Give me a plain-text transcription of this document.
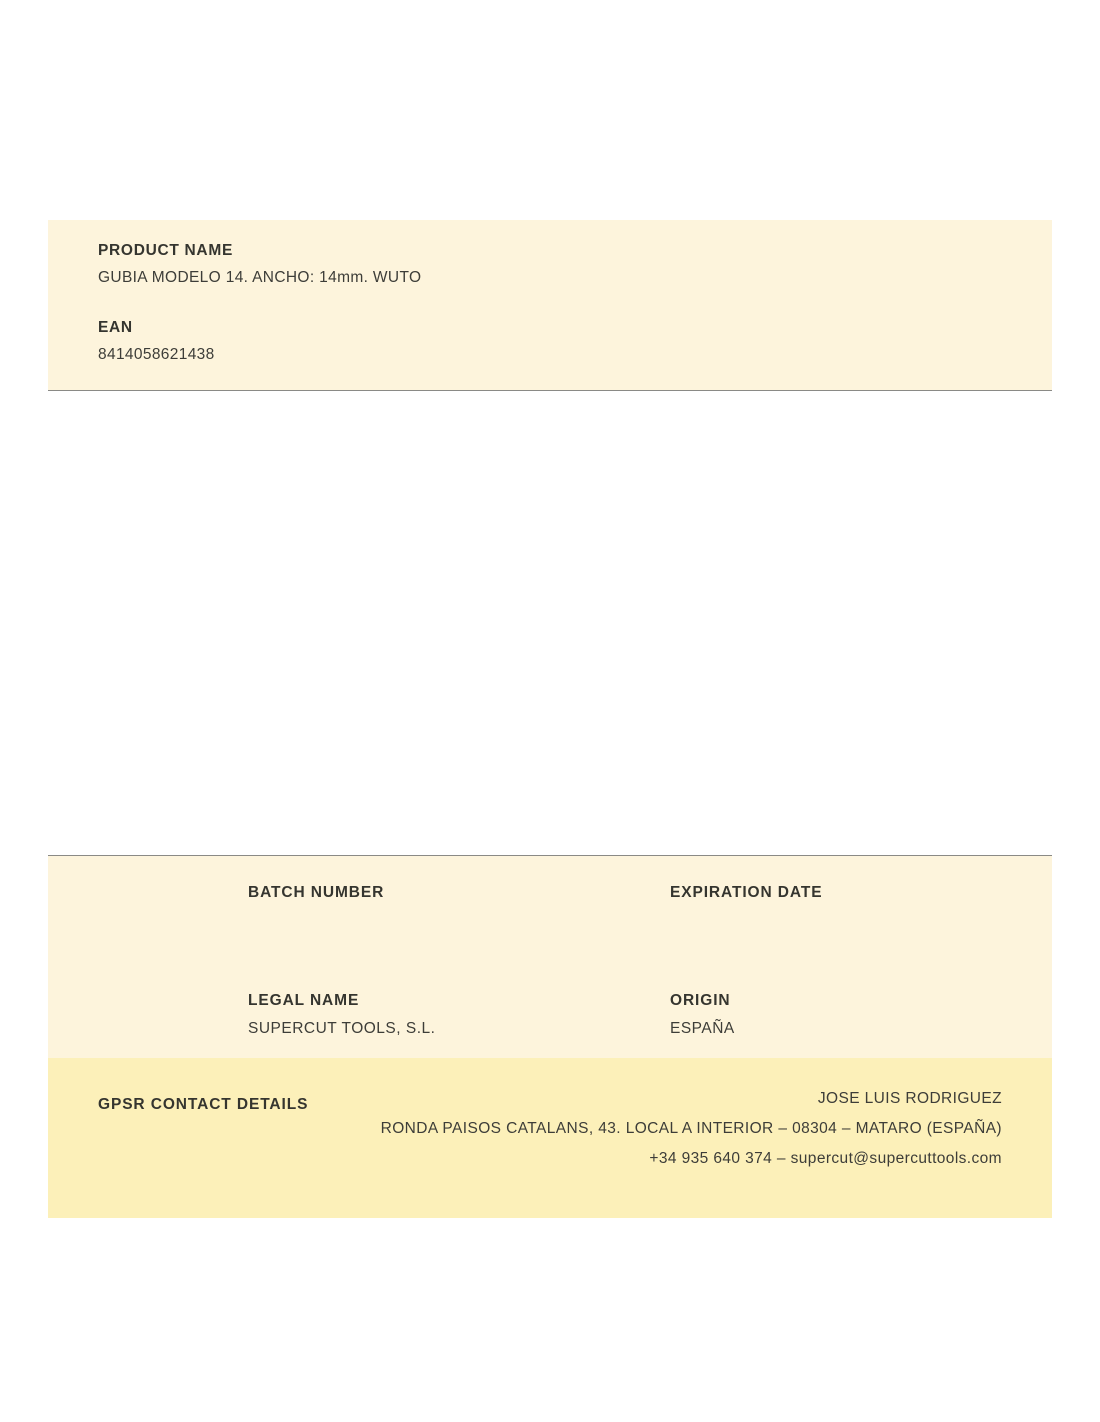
PRODUCT NAME
GUBIA MODELO 14. ANCHO: 14mm. WUTO
EAN
8414058621438
BATCH NUMBER	EXPIRATION DATE
LEGAL NAME
SUPERCUT TOOLS, S.L.
ORIGIN
ESPAÑA
GPSR CONTACT DETAILS	JOSE LUIS RODRIGUEZ
RONDA PAISOS CATALANS, 43. LOCAL A INTERIOR – 08304 – MATARO (ESPAÑA)
+34 935 640 374 – supercut@supercuttools.com
